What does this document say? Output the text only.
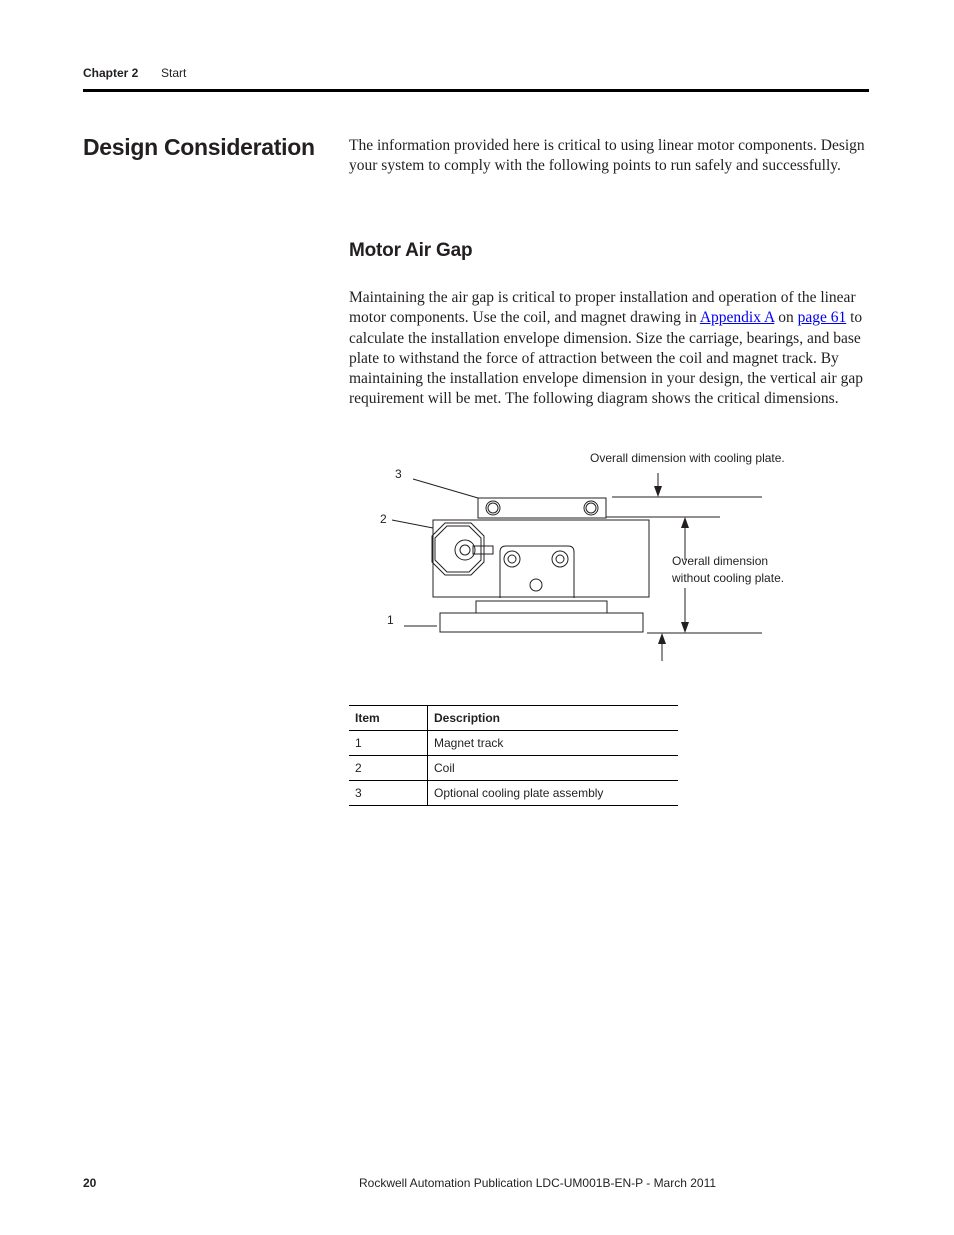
Chapter 2 Start
Design Consideration The information provided here is critical to using linear motor components. Design your system to comply with the following points to run safely and successfully.

Motor Air Gap

Maintaining the air gap is critical to proper installation and operation of the linear motor components. Use the coil, and magnet drawing in Appendix A on page 61 to calculate the installation envelope dimension. Size the carriage, bearings, and base plate to withstand the force of attraction between the coil and magnet track. By maintaining the installation envelope dimension in your design, the vertical air gap requirement will be met. The following diagram shows the critical dimensions.

3
2
1
Overall dimension with cooling plate.
Overall dimension
without cooling plate.
Item	Description
1	Magnet track
2	Coil
3	Optional cooling plate assembly
20	Rockwell Automation Publication LDC-UM001B-EN-P - March 2011
